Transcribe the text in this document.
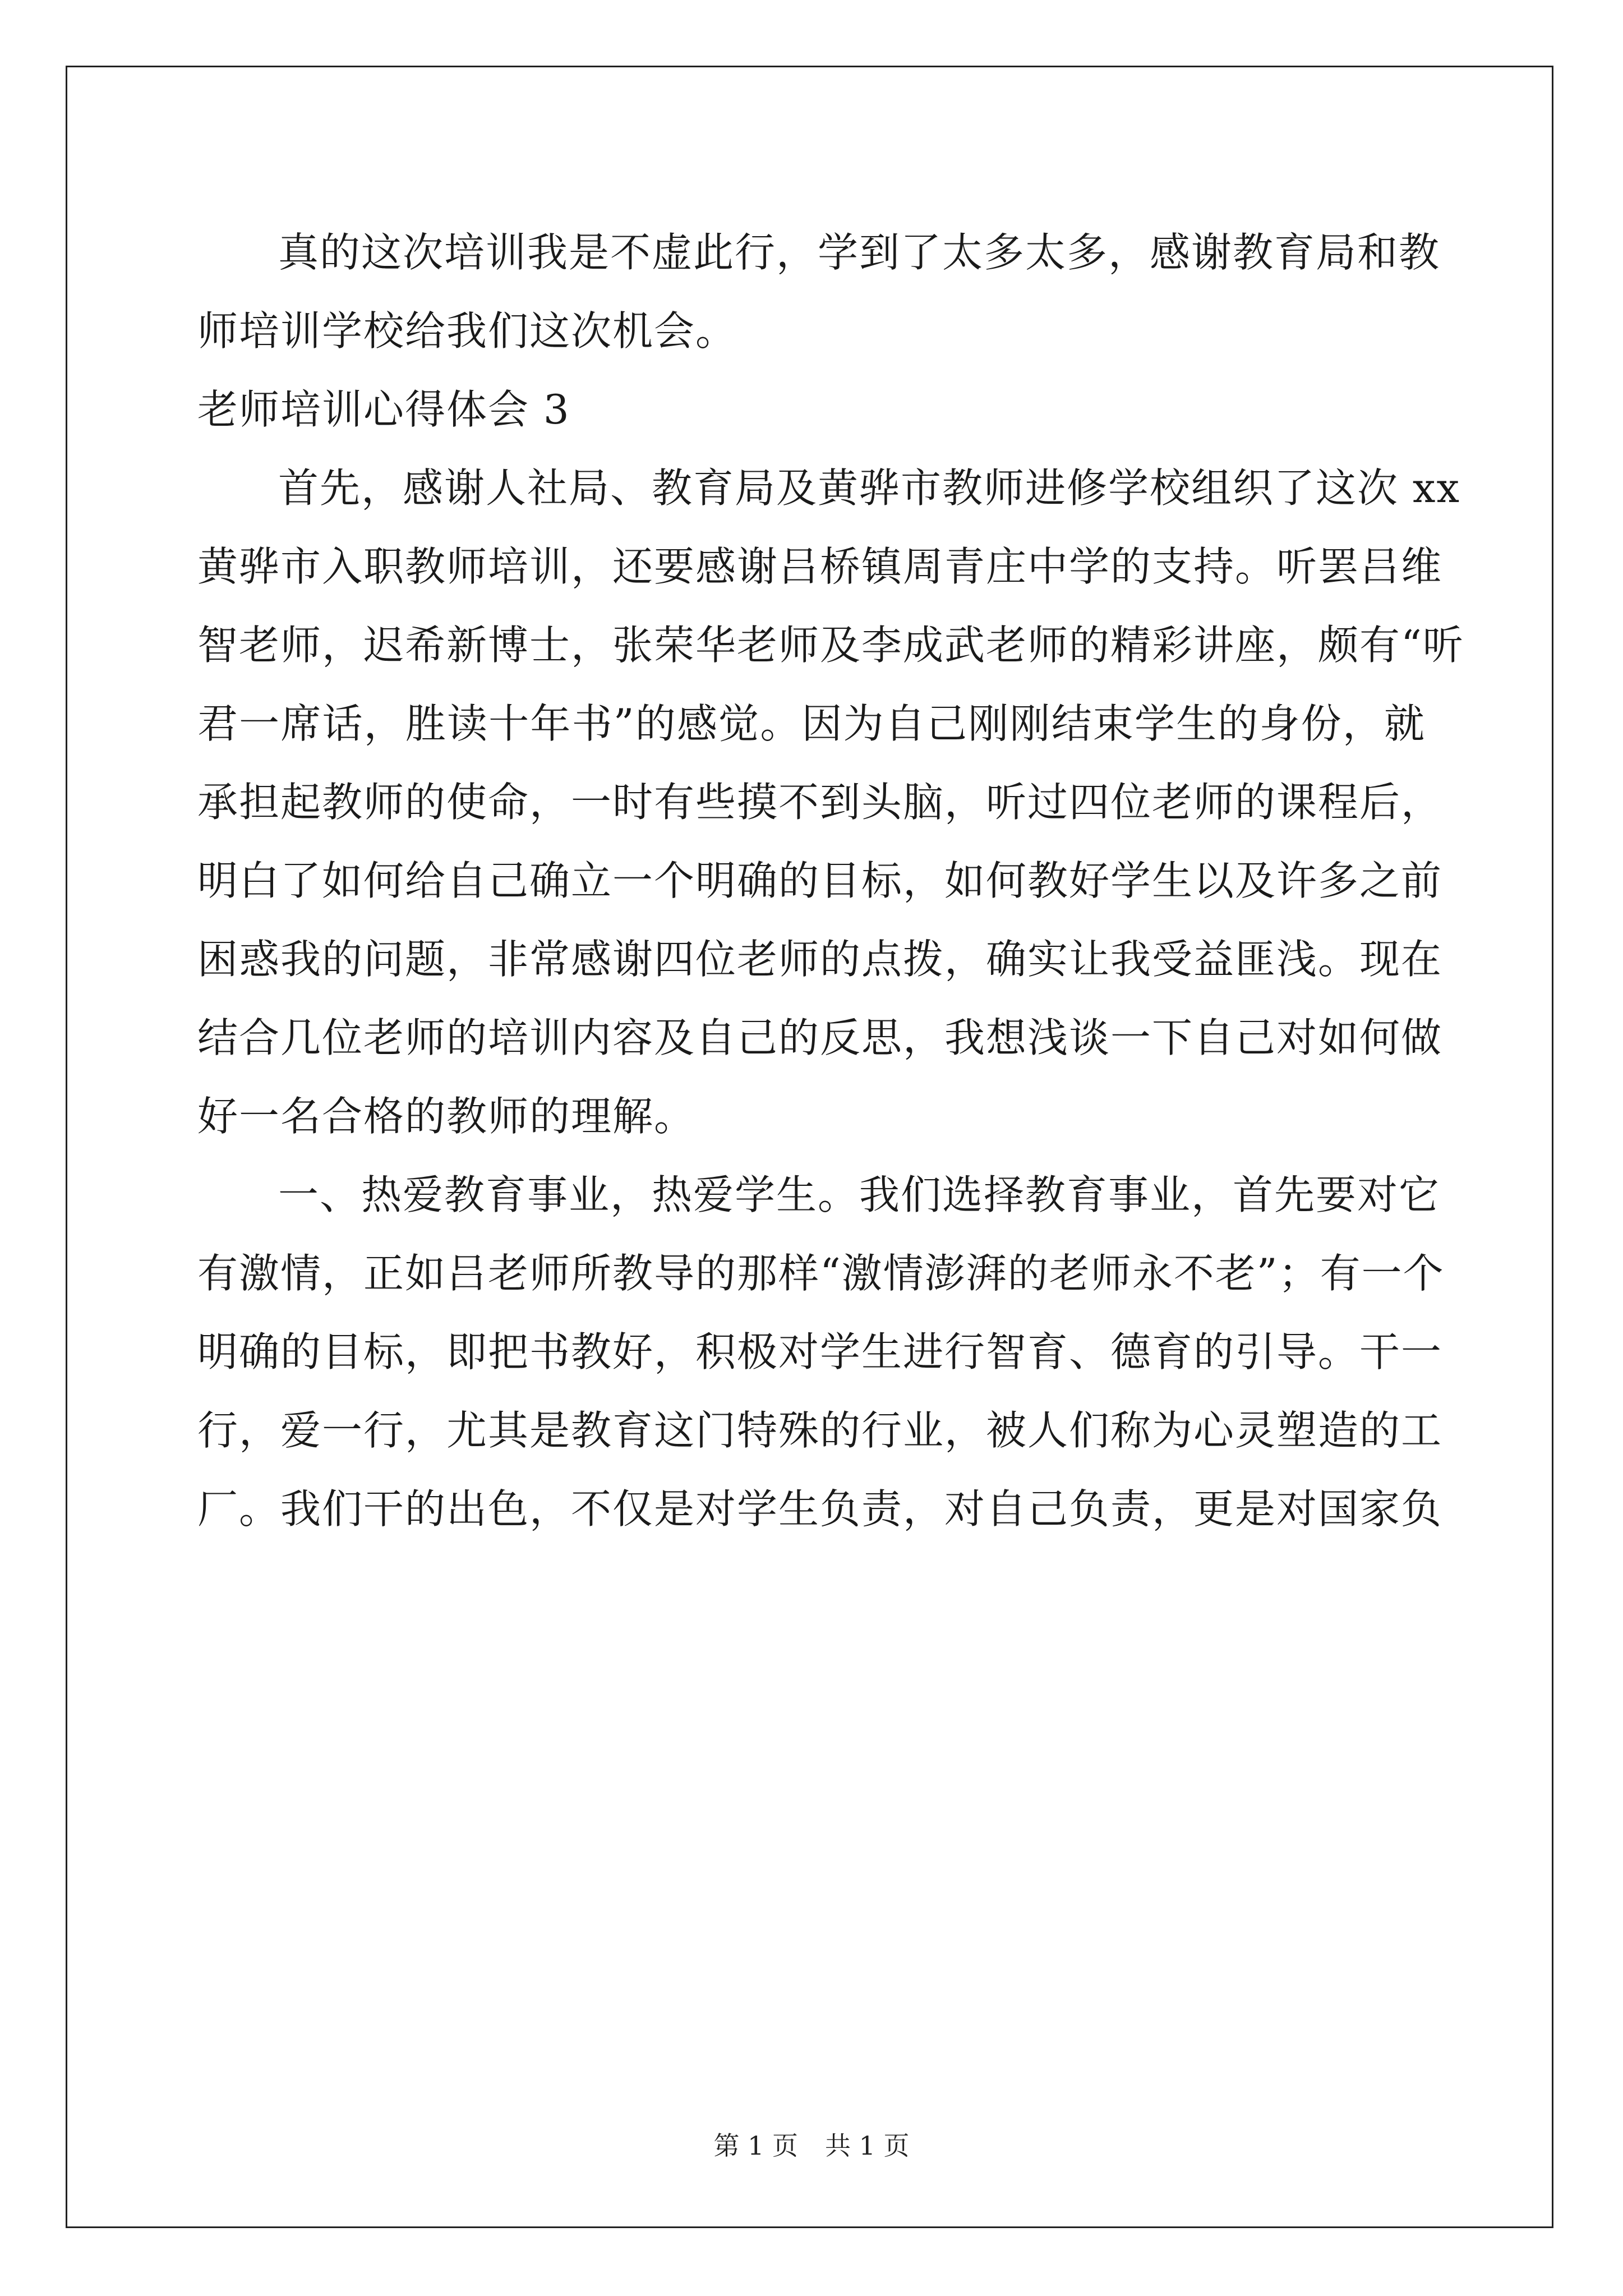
真的这次培训我是不虚此行，学到了太多太多，感谢教育局和教
师培训学校给我们这次机会。
老师培训心得体会 3
首先，感谢人社局、教育局及黄骅市教师进修学校组织了这次 xx
黄骅市入职教师培训，还要感谢吕桥镇周青庄中学的支持。听罢吕维
智老师，迟希新博士，张荣华老师及李成武老师的精彩讲座，颇有“听
君一席话，胜读十年书”的感觉。因为自己刚刚结束学生的身份，就
承担起教师的使命，一时有些摸不到头脑，听过四位老师的课程后，
明白了如何给自己确立一个明确的目标，如何教好学生以及许多之前
困惑我的问题，非常感谢四位老师的点拨，确实让我受益匪浅。现在
结合几位老师的培训内容及自己的反思，我想浅谈一下自己对如何做
好一名合格的教师的理解。
一、热爱教育事业，热爱学生。我们选择教育事业，首先要对它
有激情，正如吕老师所教导的那样“激情澎湃的老师永不老”；有一个
明确的目标，即把书教好，积极对学生进行智育、德育的引导。干一
行，爱一行，尤其是教育这门特殊的行业，被人们称为心灵塑造的工
厂。我们干的出色，不仅是对学生负责，对自己负责，更是对国家负
第 1 页 共 1 页
